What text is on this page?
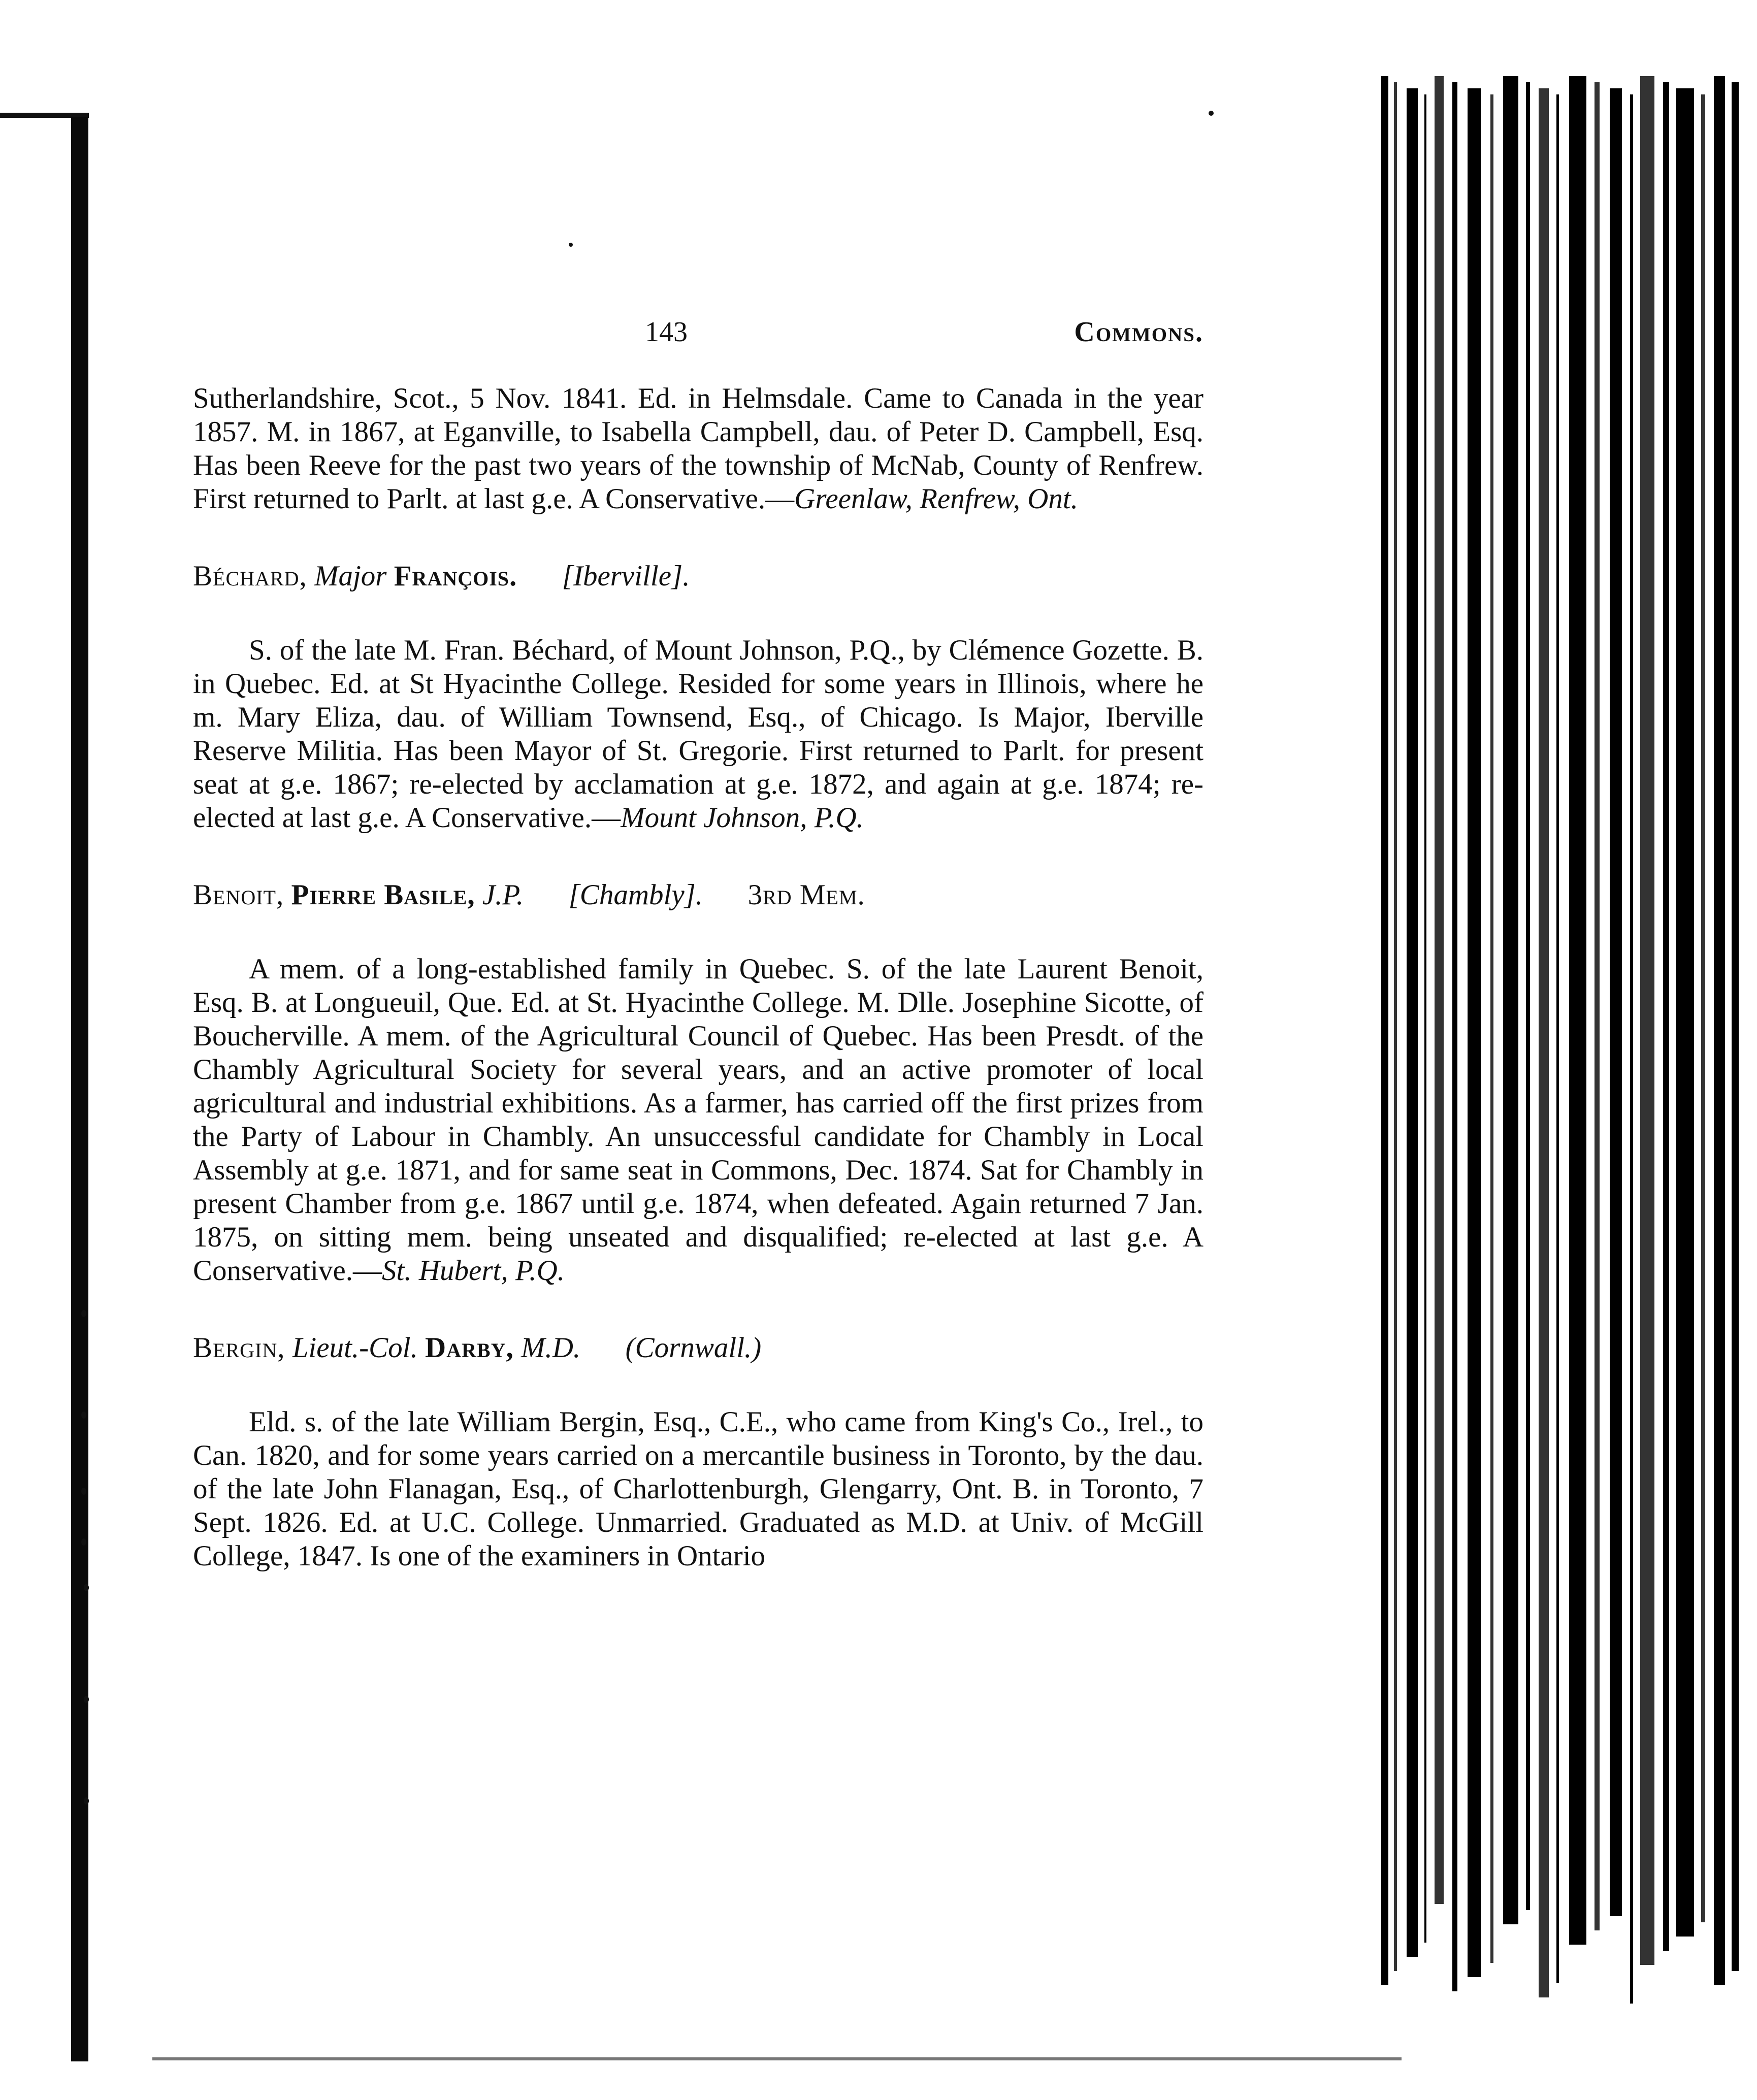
143	Commons.

Sutherlandshire, Scot., 5 Nov. 1841. Ed. in Helmsdale. Came to Canada in the year 1857. M. in 1867, at Eganville, to Isabella Campbell, dau. of Peter D. Campbell, Esq. Has been Reeve for the past two years of the township of McNab, County of Renfrew. First returned to Parlt. at last g.e. A Conservative.—Greenlaw, Renfrew, Ont.

Béchard, Major François. [Iberville].

S. of the late M. Fran. Béchard, of Mount Johnson, P.Q., by Clémence Gozette. B. in Quebec. Ed. at St Hyacinthe College. Resided for some years in Illinois, where he m. Mary Eliza, dau. of William Townsend, Esq., of Chicago. Is Major, Iberville Reserve Militia. Has been Mayor of St. Gregorie. First returned to Parlt. for present seat at g.e. 1867; re-elected by acclamation at g.e. 1872, and again at g.e. 1874; re-elected at last g.e. A Conservative.—Mount Johnson, P.Q.

Benoit, Pierre Basile, J.P. [Chambly]. 3rd Mem.

A mem. of a long-established family in Quebec. S. of the late Laurent Benoit, Esq. B. at Longueuil, Que. Ed. at St. Hyacinthe College. M. Dlle. Josephine Sicotte, of Boucherville. A mem. of the Agricultural Council of Quebec. Has been Presdt. of the Chambly Agricultural Society for several years, and an active promoter of local agricultural and industrial exhibitions. As a farmer, has carried off the first prizes from the Party of Labour in Chambly. An unsuccessful candidate for Chambly in Local Assembly at g.e. 1871, and for same seat in Commons, Dec. 1874. Sat for Chambly in present Chamber from g.e. 1867 until g.e. 1874, when defeated. Again returned 7 Jan. 1875, on sitting mem. being unseated and disqualified; re-elected at last g.e. A Conservative.—St. Hubert, P.Q.

Bergin, Lieut.-Col. Darby, M.D. (Cornwall.)

Eld. s. of the late William Bergin, Esq., C.E., who came from King's Co., Irel., to Can. 1820, and for some years carried on a mercantile business in Toronto, by the dau. of the late John Flanagan, Esq., of Charlottenburgh, Glengarry, Ont. B. in Toronto, 7 Sept. 1826. Ed. at U.C. College. Unmarried. Graduated as M.D. at Univ. of McGill College, 1847. Is one of the examiners in Ontario
